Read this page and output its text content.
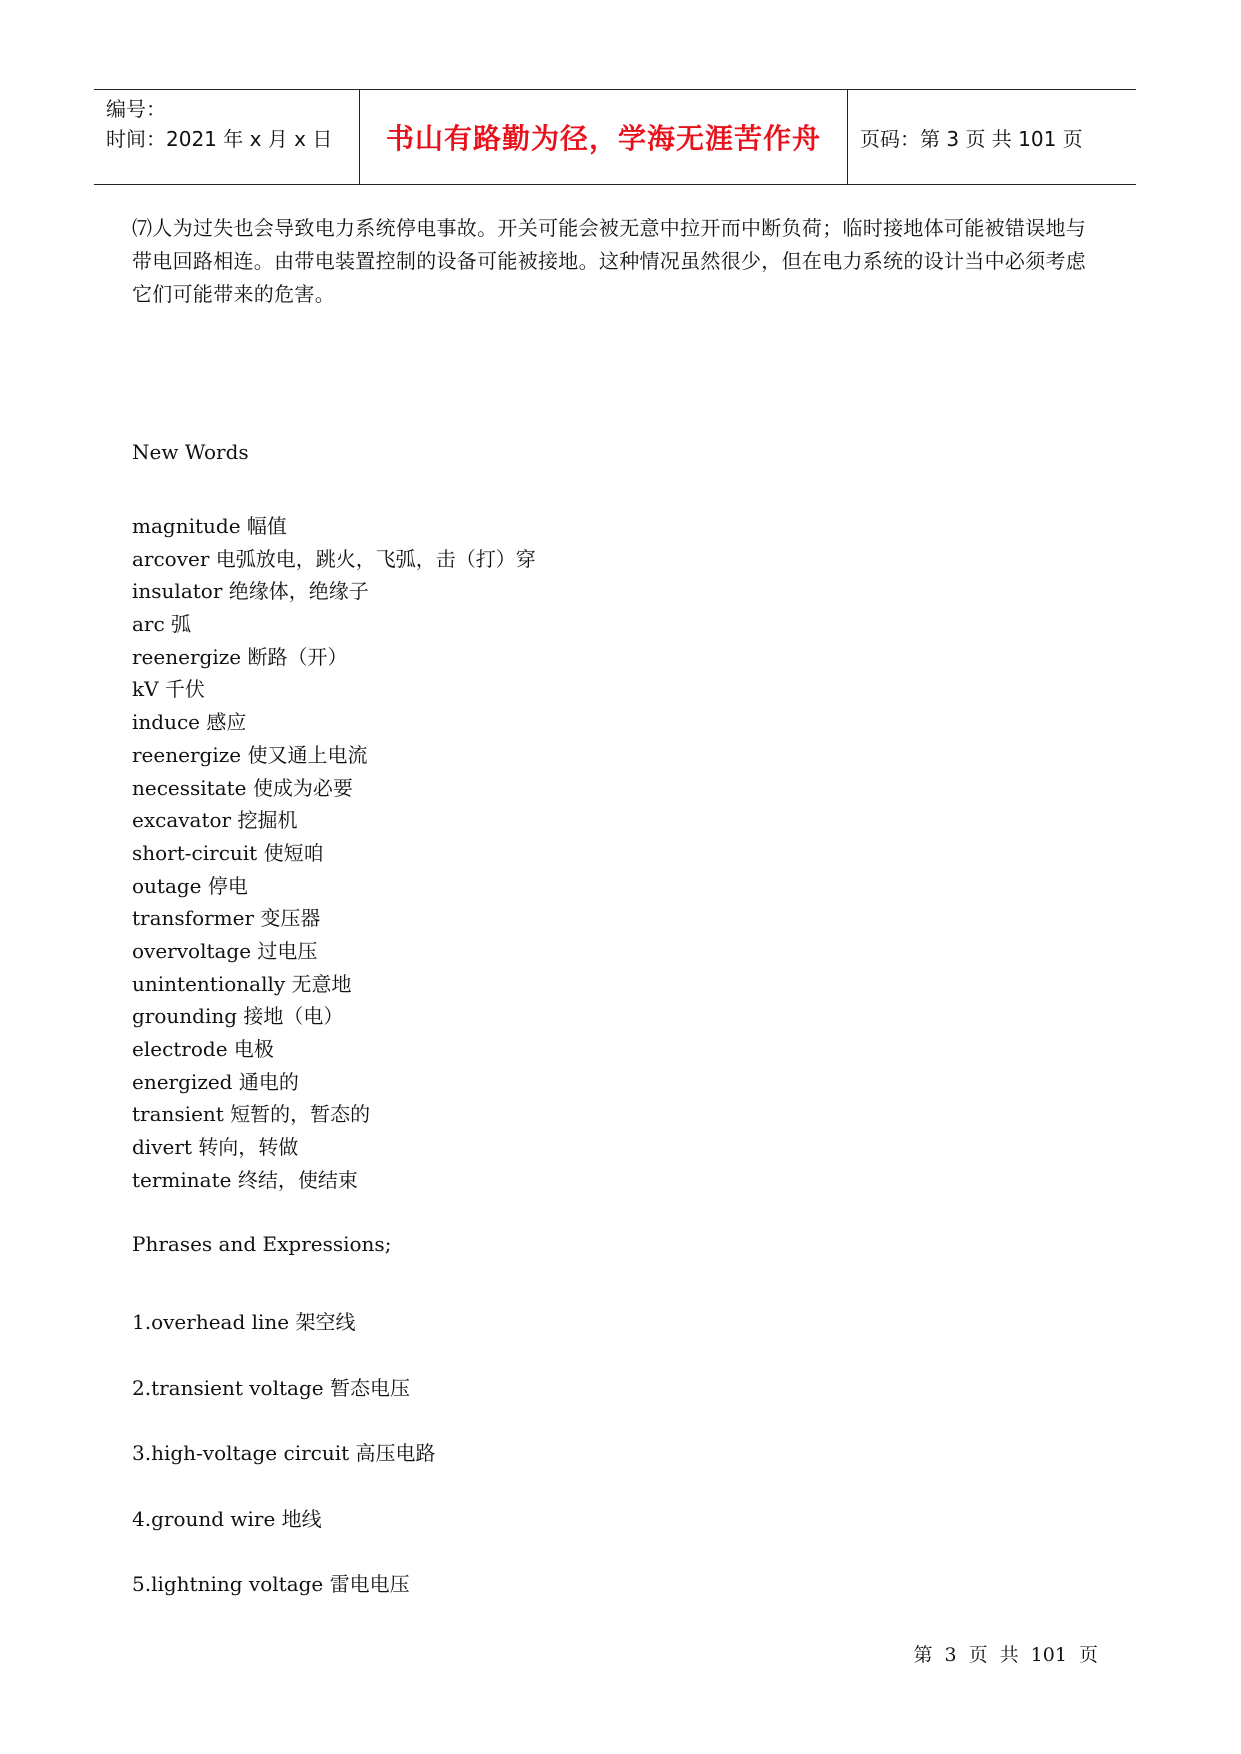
编号：
时间：2021 年 x 月 x 日	书山有路勤为径，学海无涯苦作舟	页码：第 3 页 共 101 页

⑺人为过失也会导致电力系统停电事故。开关可能会被无意中拉开而中断负荷；临时接地体可能被错误地与带电回路相连。由带电装置控制的设备可能被接地。这种情况虽然很少，但在电力系统的设计当中必须考虑它们可能带来的危害。

New Words
magnitude 幅值
arcover 电弧放电，跳火，飞弧，击（打）穿
insulator 绝缘体，绝缘子
arc 弧
reenergize 断路（开）
kV 千伏
induce 感应
reenergize 使又通上电流
necessitate 使成为必要
excavator 挖掘机
short-circuit 使短咱
outage 停电
transformer 变压器
overvoltage 过电压
unintentionally 无意地
grounding 接地（电）
electrode 电极
energized 通电的
transient 短暂的，暂态的
divert 转向，转做
terminate 终结，使结束
Phrases and Expressions;
1.overhead line 架空线
2.transient voltage 暂态电压
3.high-voltage circuit 高压电路
4.ground wire 地线
5.lightning voltage 雷电电压
第 3 页 共 101 页
